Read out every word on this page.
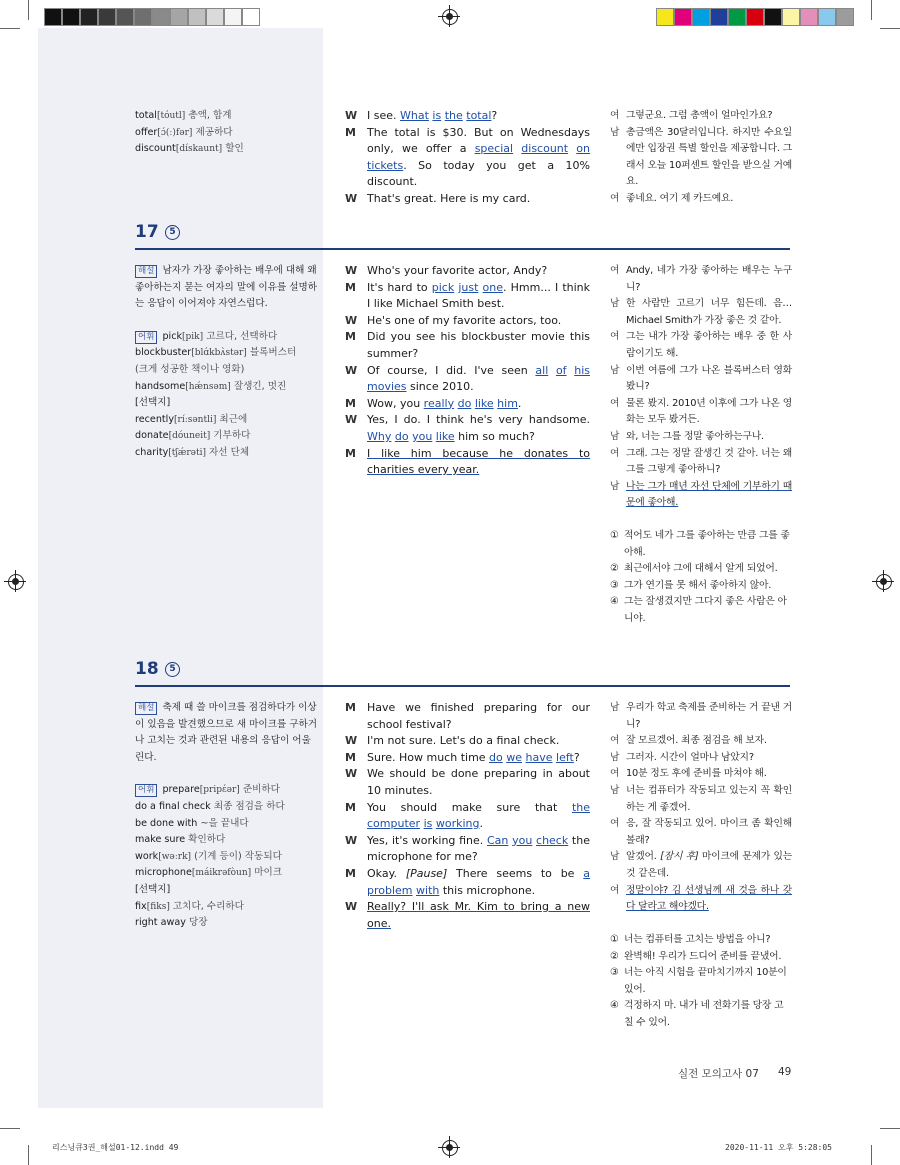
total[tóutl] 총액, 합계
offer[ɔ́(ː)fər] 제공하다
discount[dískaunt] 할인
W I see. What is the total?
M	The total is $30. But on Wednesdays only, we offer a special discount on tickets. So today you get a 10% discount.
W That's great. Here is my card.
여 그렇군요. 그럼 총액이 얼마인가요?
남 총금액은 30달러입니다. 하지만 수요일에만 입장권 특별 할인을 제공합니다. 그래서 오늘 10퍼센트 할인을 받으실 거예요.
여 좋네요. 여기 제 카드예요.
17	5
해설 남자가 가장 좋아하는 배우에 대해 왜 좋아하는지 묻는 여자의 말에 이유를 설명하는 응답이 이어져야 자연스럽다.
어휘 pick[pik] 고르다, 선택하다
blockbuster[blɑ́kbʌ̀stər] 블록버스터
(크게 성공한 책이나 영화)
handsome[hǽnsəm] 잘생긴, 멋진
[선택지]
recently[ríːsəntli] 최근에
donate[dóuneit] 기부하다
charity[tʃǽrəti] 자선 단체
W Who's your favorite actor, Andy?
M	It's hard to pick just one. Hmm... I think I like Michael Smith best.
W He's one of my favorite actors, too.
M	Did you see his blockbuster movie this summer?
W Of course, I did. I've seen all of his movies since 2010.
M	Wow, you really do like him.
W Yes, I do. I think he's very handsome. Why do you like him so much?
M	I like him because he donates to charities every year.
여 Andy, 네가 가장 좋아하는 배우는 누구니?
남 한 사람만 고르기 너무 힘든데. 음… Michael Smith가 가장 좋은 것 같아.
여 그는 내가 가장 좋아하는 배우 중 한 사람이기도 해.
남 이번 여름에 그가 나온 블록버스터 영화 봤니?
여 물론 봤지. 2010년 이후에 그가 나온 영화는 모두 봤거든.
남 와, 너는 그를 정말 좋아하는구나.
여 그래. 그는 정말 잘생긴 것 같아. 너는 왜 그를 그렇게 좋아하니?
남 나는 그가 매년 자선 단체에 기부하기 때문에 좋아해.
① 적어도 네가 그를 좋아하는 만큼 그를 좋아해.
② 최근에서야 그에 대해서 알게 되었어.
③ 그가 연기를 못 해서 좋아하지 않아.
④ 그는 잘생겼지만 그다지 좋은 사람은 아니야.
18	5
해설 축제 때 쓸 마이크를 점검하다가 이상이 있음을 발견했으므로 새 마이크를 구하거나 고치는 것과 관련된 내용의 응답이 어울린다.
어휘 prepare[pripέər] 준비하다
do a final check 최종 점검을 하다
be done with ~을 끝내다
make sure 확인하다
work[wəːrk] (기계 등이) 작동되다
microphone[máikrəfòun] 마이크
[선택지]
fix[fiks] 고치다, 수리하다
right away 당장
M	Have we finished preparing for our school festival?
W I'm not sure. Let's do a final check.
M	Sure. How much time do we have left?
W We should be done preparing in about 10 minutes.
M	You should make sure that the computer is working.
W Yes, it's working fine. Can you check the microphone for me?
M	Okay. [Pause] There seems to be a problem with this microphone.
W Really? I'll ask Mr. Kim to bring a new one.
남 우리가 학교 축제를 준비하는 거 끝낸 거니?
여 잘 모르겠어. 최종 점검을 해 보자.
남 그러자. 시간이 얼마나 남았지?
여 10분 정도 후에 준비를 마쳐야 해.
남 너는 컴퓨터가 작동되고 있는지 꼭 확인하는 게 좋겠어.
여 응, 잘 작동되고 있어. 마이크 좀 확인해 볼래?
남 알겠어. [잠시 후] 마이크에 문제가 있는 것 같은데.
여 정말이야? 김 선생님께 새 것을 하나 갖다 달라고 해야겠다.
① 너는 컴퓨터를 고치는 방법을 아니?
② 완벽해! 우리가 드디어 준비를 끝냈어.
③ 너는 아직 시험을 끝마치기까지 10분이 있어.
④ 걱정하지 마. 내가 네 전화기를 당장 고칠 수 있어.
실전 모의고사 07 49
리스닝큐3권_해설01-12.indd 49	2020-11-11 오후 5:28:05
